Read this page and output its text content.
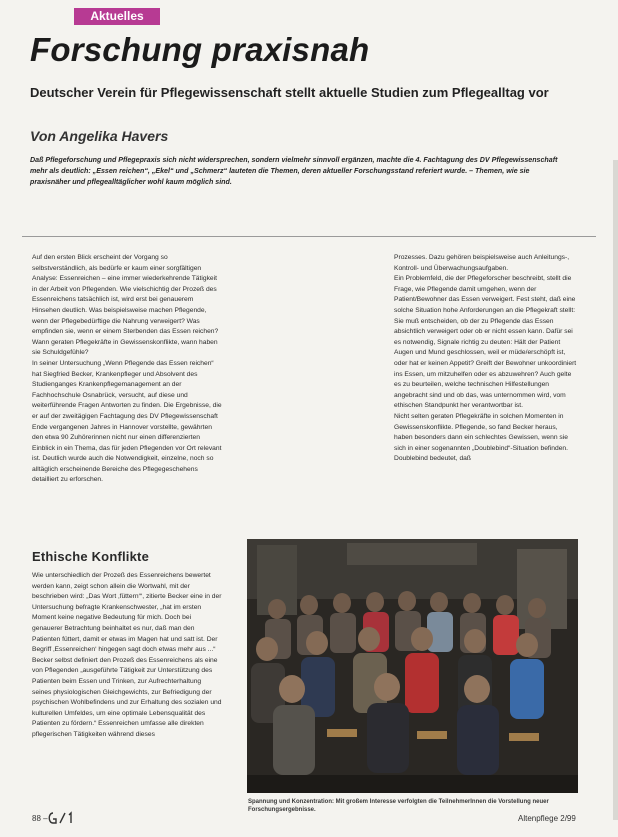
Aktuelles
Forschung praxisnah
Deutscher Verein für Pflegewissenschaft stellt aktuelle Studien zum Pflegealltag vor
Von Angelika Havers
Daß Pflegeforschung und Pflegepraxis sich nicht widersprechen, sondern vielmehr sinnvoll ergänzen, machte die 4. Fachtagung des DV Pflegewissenschaft mehr als deutlich: „Essen reichen“, „Ekel“ und „Schmerz“ lauteten die Themen, deren aktueller Forschungsstand referiert wurde. – Themen, wie sie praxisnäher und pflegealltäglicher wohl kaum möglich sind.

Auf den ersten Blick erscheint der Vorgang so selbstverständlich, als bedürfe er kaum einer sorgfältigen Analyse: Essenreichen – eine immer wiederkehrende Tätigkeit in der Arbeit von Pflegenden. Wie vielschichtig der Prozeß des Essenreichens tatsächlich ist, wird erst bei genauerem Hinsehen deutlich. Was beispielsweise machen Pflegende, wenn der Pflegebedürftige die Nahrung verweigert? Was empfinden sie, wenn er einem Sterbenden das Essen reichen? Wann geraten Pflegekräfte in Gewissenskonflikte, wann haben sie Schuldgefühle?

In seiner Untersuchung „Wenn Pflegende das Essen reichen“ hat Siegfried Becker, Krankenpfleger und Absolvent des Studienganges Krankenpflegemanagement an der Fachhochschule Osnabrück, versucht, auf diese und weiterführende Fragen Antworten zu finden. Die Ergebnisse, die er auf der zweitägigen Fachtagung des DV Pflegewissenschaft Ende vergangenen Jahres in Hannover vorstellte, gewährten den etwa 90 Zuhörerinnen nicht nur einen differenzierten Einblick in ein Thema, das für jeden Pflegenden vor Ort relevant ist. Deutlich wurde auch die Notwendigkeit, einzelne, noch so alltäglich erscheinende Bereiche des Pflegegeschehens detailliert zu erforschen.

Ethische Konflikte

Wie unterschiedlich der Prozeß des Essenreichens bewertet werden kann, zeigt schon allein die Wortwahl, mit der beschrieben wird: „Das Wort ‚füttern‘“, zitierte Becker eine in der Untersuchung befragte Krankenschwester, „hat im ersten Moment keine negative Bedeutung für mich. Doch bei genauerer Betrachtung beinhaltet es nur, daß man den Patienten füttert, damit er etwas im Magen hat und satt ist. Der Begriff ‚Essenreichen‘ hingegen sagt doch etwas mehr aus ...“

Becker selbst definiert den Prozeß des Essenreichens als eine von Pflegenden „ausgeführte Tätigkeit zur Unterstützung des Patienten beim Essen und Trinken, zur Aufrechterhaltung seines physiologischen Gleichgewichts, zur Befriedigung der psychischen Wohlbefindens und zur Erhaltung des sozialen und kulturellen Umfeldes, um eine optimale Lebensqualität des Patienten zu fördern.“ Essenreichen umfasse alle direkten pflegerischen Tätigkeiten während dieses

Prozesses. Dazu gehören beispielsweise auch Anleitungs-, Kontroll- und Überwachungsaufgaben.

Ein Problemfeld, die der Pflegeforscher beschreibt, stellt die Frage, wie Pflegende damit umgehen, wenn der Patient/Bewohner das Essen verweigert. Fest steht, daß eine solche Situation hohe Anforderungen an die Pflegekraft stellt: Sie muß entscheiden, ob der zu Pflegende das Essen absichtlich verweigert oder ob er nicht essen kann. Dafür sei es notwendig, Signale richtig zu deuten: Hält der Patient Augen und Mund geschlossen, weil er müde/erschöpft ist, oder hat er keinen Appetit? Greift der Bewohner unkoordiniert ins Essen, um mitzuhelfen oder es abzuwehren? Auch gelte es zu beurteilen, welche technischen Hilfestellungen angebracht sind und ob das, was unternommen wird, vom ethischen Standpunkt her verantwortbar ist.

Nicht selten geraten Pflegekräfte in solchen Momenten in Gewissenskonflikte. Pflegende, so fand Becker heraus, haben besonders dann ein schlechtes Gewissen, wenn sie sich in einer sogenannten „Doublebind“-Situation befinden. Doublebind bedeutet, daß

Spannung und Konzentration: Mit großem Interesse verfolgten die TeilnehmerInnen die Vorstellung neuer Forschungsergebnisse.
88 –	Altenpflege 2/99
